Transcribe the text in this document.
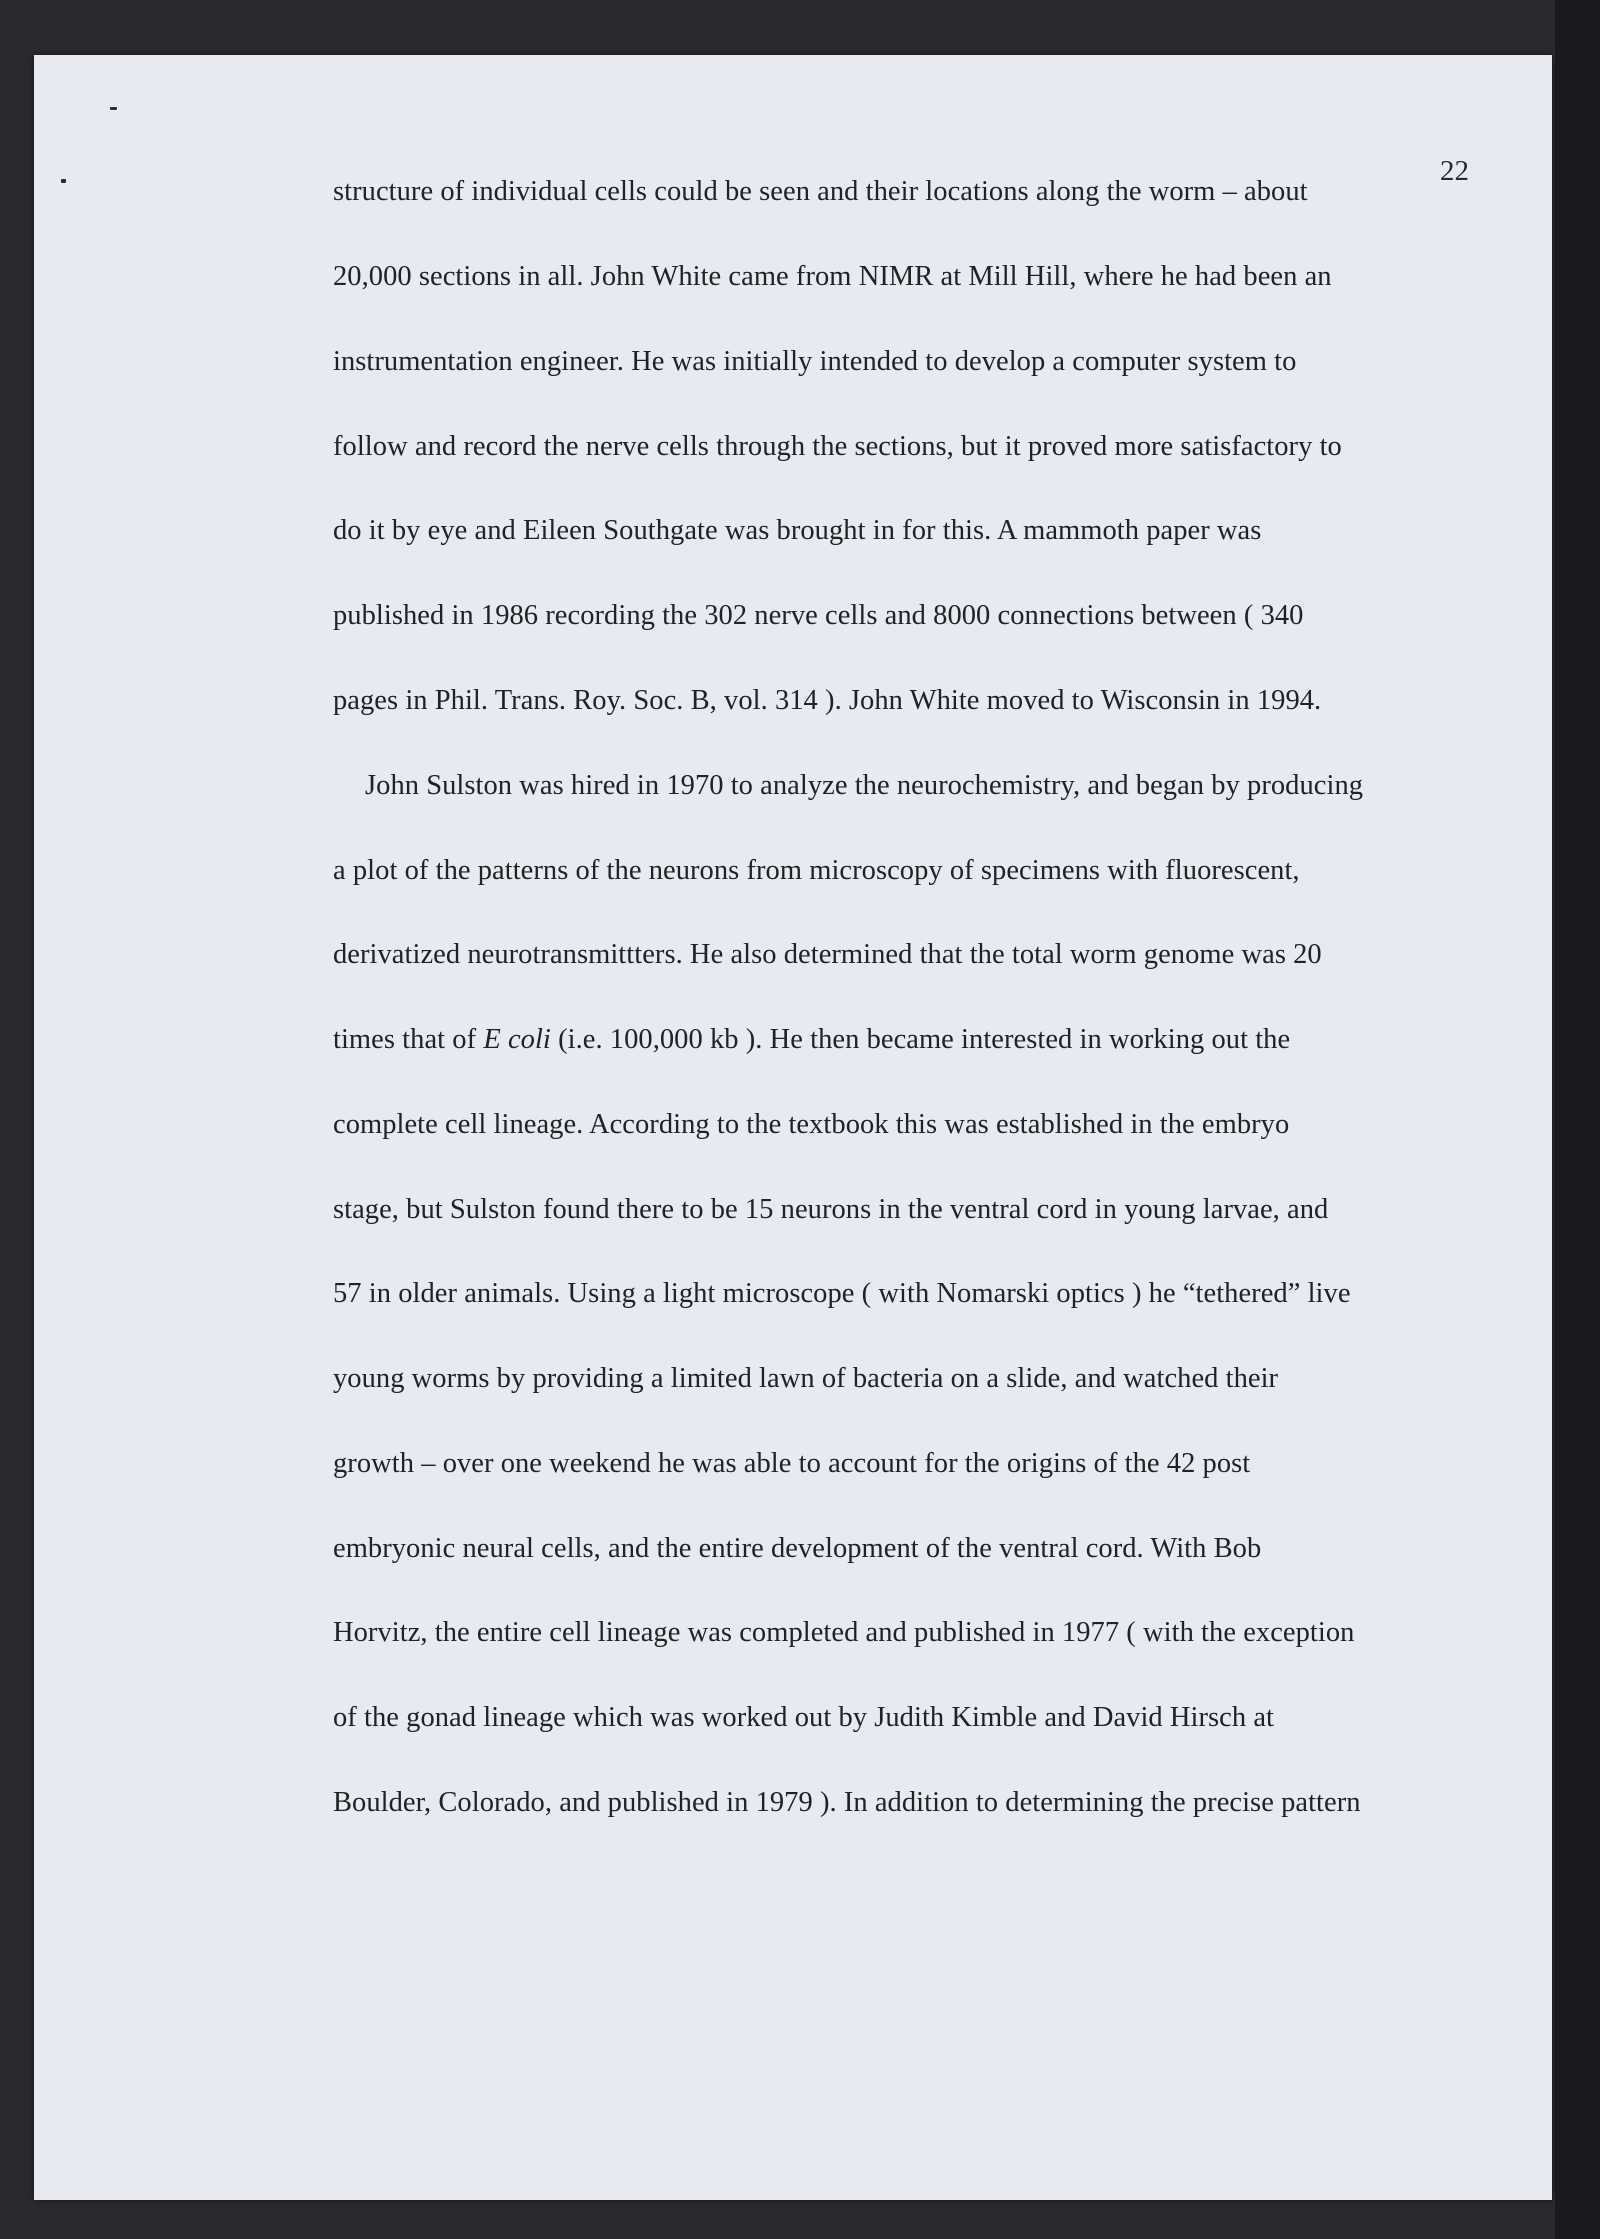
22
structure of individual cells could be seen and their locations along the worm – about
20,000 sections in all. John White came from NIMR at Mill Hill, where he had been an
instrumentation engineer. He was initially intended to develop a computer system to
follow and record the nerve cells through the sections, but it proved more satisfactory to
do it by eye and Eileen Southgate was brought in for this. A mammoth paper was
published in 1986 recording the 302 nerve cells and 8000 connections between ( 340
pages in Phil. Trans. Roy. Soc. B, vol. 314 ). John White moved to Wisconsin in 1994.
John Sulston was hired in 1970 to analyze the neurochemistry, and began by producing
a plot of the patterns of the neurons from microscopy of specimens with fluorescent,
derivatized neurotransmittters. He also determined that the total worm genome was 20
times that of E coli (i.e. 100,000 kb ). He then became interested in working out the
complete cell lineage. According to the textbook this was established in the embryo
stage, but Sulston found there to be 15 neurons in the ventral cord in young larvae, and
57 in older animals. Using a light microscope ( with Nomarski optics ) he “tethered” live
young worms by providing a limited lawn of bacteria on a slide, and watched their
growth – over one weekend he was able to account for the origins of the 42 post
embryonic neural cells, and the entire development of the ventral cord. With Bob
Horvitz, the entire cell lineage was completed and published in 1977 ( with the exception
of the gonad lineage which was worked out by Judith Kimble and David Hirsch at
Boulder, Colorado, and published in 1979 ). In addition to determining the precise pattern
